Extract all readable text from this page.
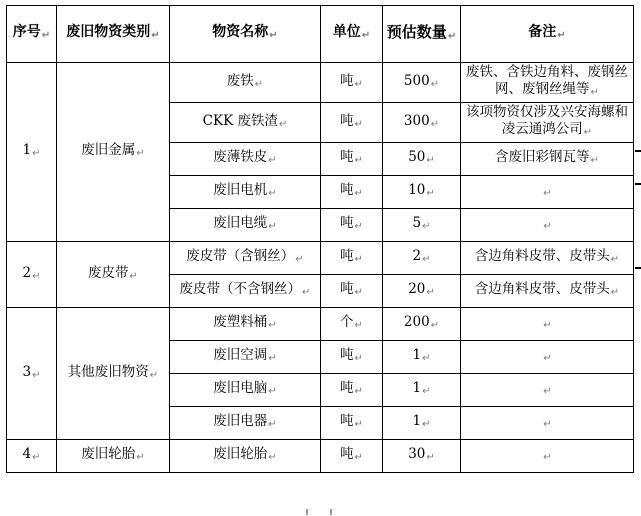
序号↵	废旧物资类别↵	物资名称↵	单位↵	预估数量↵	备注↵
1↵	废旧金属↵	废铁↵	吨↵	500↵	废铁、含铁边角料、废钢丝网、废钢丝绳等↵
		CKK 废铁渣↵	吨↵	300↵	该项物资仅涉及兴安海螺和凌云通鸿公司↵
		废薄铁皮↵	吨↵	50↵	含废旧彩钢瓦等↵
		废旧电机↵	吨↵	10↵	↵
		废旧电缆↵	吨↵	5↵	↵
2↵	废皮带↵	废皮带（含钢丝）↵	吨↵	2↵	含边角料皮带、皮带头↵
		废皮带（不含钢丝）↵	吨↵	20↵	含边角料皮带、皮带头↵
3↵	其他废旧物资↵	废塑料桶↵	个↵	200↵	↵
		废旧空调↵	吨↵	1↵	↵
		废旧电脑↵	吨↵	1↵	↵
		废旧电器↵	吨↵	1↵	↵
4↵	废旧轮胎↵	废旧轮胎↵	吨↵	30↵	↵
